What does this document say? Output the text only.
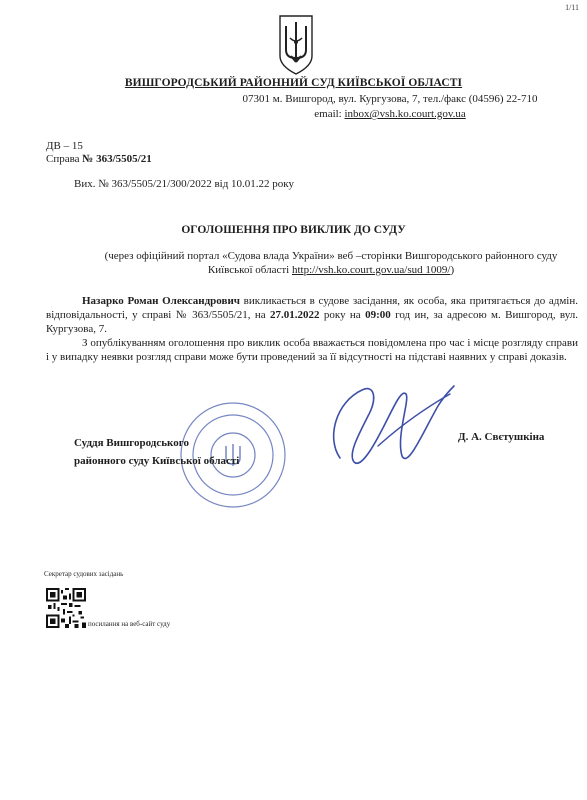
1/11
ВИШГОРОДСЬКИЙ РАЙОННИЙ СУД КИЇВСЬКОЇ ОБЛАСТІ
07301 м. Вишгород, вул. Кургузова, 7, тел./факс (04596) 22-710
email: inbox@vsh.ko.court.gov.ua
ДВ – 15
Справа № 363/5505/21
Вих. № 363/5505/21/300/2022 від 10.01.22 року
ОГОЛОШЕННЯ ПРО ВИКЛИК ДО СУДУ
(через офіційний портал «Судова влада України» веб –сторінки Вишгородського районного суду Київської області http://vsh.ko.court.gov.ua/sud 1009/)

Назарко Роман Олександрович викликається в судове засідання, як особа, яка притягається до адмін. відповідальності, у справі № 363/5505/21, на 27.01.2022 року на 09:00 год ин, за адресою м. Вишгород, вул. Кургузова, 7.

З опублікуванням оголошення про виклик особа вважається повідомлена про час і місце розгляду справи і у випадку неявки розгляд справи може бути проведений за її відсутності на підставі наявних у справі доказів.

Суддя Вишгородського
районного суду Київської області
Д. А. Свєтушкіна
Секретар судових засідань
посилання на веб-сайт суду
